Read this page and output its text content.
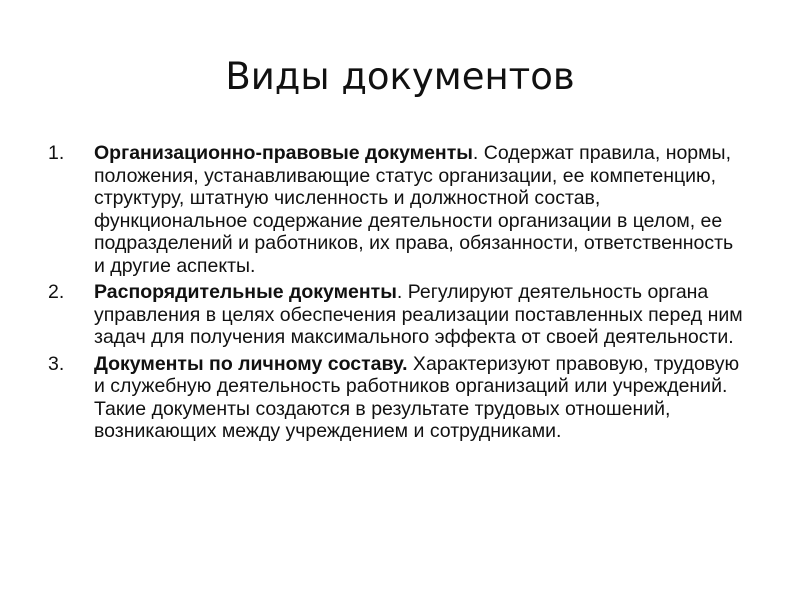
Виды документов
1. Организационно-правовые документы. Содержат правила, нормы, положения, устанавливающие статус организации, ее компетенцию, структуру, штатную численность и должностной состав, функциональное содержание деятельности организации в целом, ее подразделений и работников, их права, обязанности, ответственность и другие аспекты.
2. Распорядительные документы. Регулируют деятельность органа управления в целях обеспечения реализации поставленных перед ним задач для получения максимального эффекта от своей деятельности.
3. Документы по личному составу. Характеризуют правовую, трудовую и служебную деятельность работников организаций или учреждений. Такие документы создаются в результате трудовых отношений, возникающих между учреждением и сотрудниками.
